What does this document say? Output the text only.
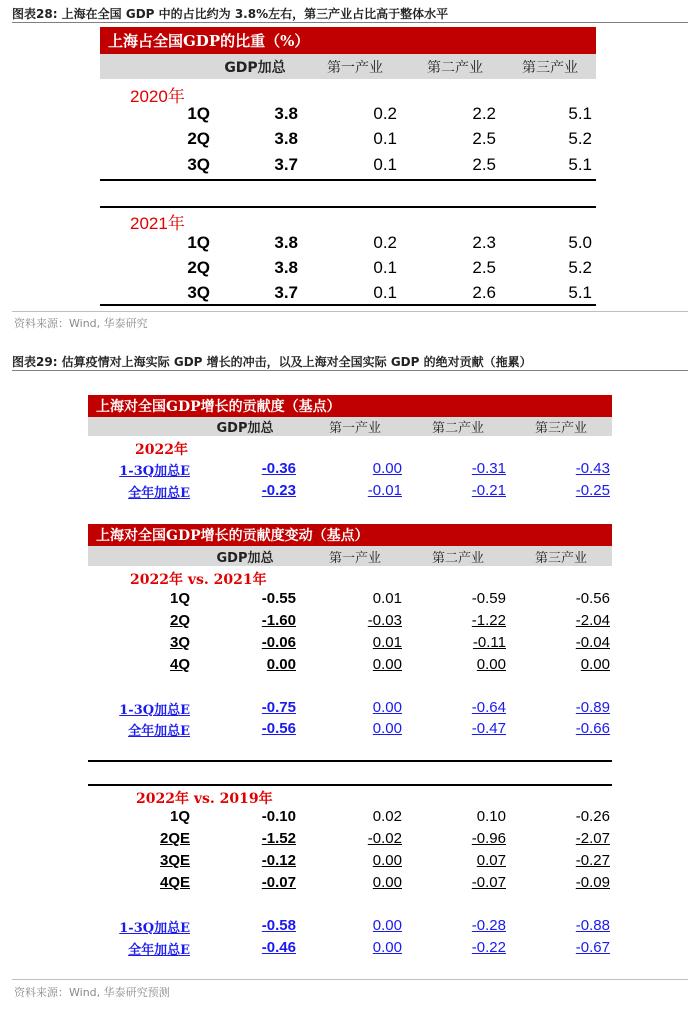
图表28: 上海在全国 GDP 中的占比约为 3.8%左右，第三产业占比高于整体水平
上海占全国GDP的比重（%）
GDP加总	第一产业	第二产业	第三产业
2020年
1Q	3.8	0.2	2.2	5.1
2Q	3.8	0.1	2.5	5.2
3Q	3.7	0.1	2.5	5.1
2021年
1Q	3.8	0.2	2.3	5.0
2Q	3.8	0.1	2.5	5.2
3Q	3.7	0.1	2.6	5.1
资料来源：Wind, 华泰研究
图表29: 估算疫情对上海实际 GDP 增长的冲击，以及上海对全国实际 GDP 的绝对贡献（拖累）
上海对全国GDP增长的贡献度（基点）
GDP加总	第一产业	第二产业	第三产业
2022年
1-3Q加总E	-0.36	0.00	-0.31	-0.43
全年加总E	-0.23	-0.01	-0.21	-0.25
上海对全国GDP增长的贡献度变动（基点）
GDP加总	第一产业	第二产业	第三产业
2022年 vs. 2021年
1Q	-0.55	0.01	-0.59	-0.56
2Q	-1.60	-0.03	-1.22	-2.04
3Q	-0.06	0.01	-0.11	-0.04
4Q	0.00	0.00	0.00	0.00
1-3Q加总E	-0.75	0.00	-0.64	-0.89
全年加总E	-0.56	0.00	-0.47	-0.66
2022年 vs. 2019年
1Q	-0.10	0.02	0.10	-0.26
2QE	-1.52	-0.02	-0.96	-2.07
3QE	-0.12	0.00	0.07	-0.27
4QE	-0.07	0.00	-0.07	-0.09
1-3Q加总E	-0.58	0.00	-0.28	-0.88
全年加总E	-0.46	0.00	-0.22	-0.67
资料来源：Wind, 华泰研究预测
